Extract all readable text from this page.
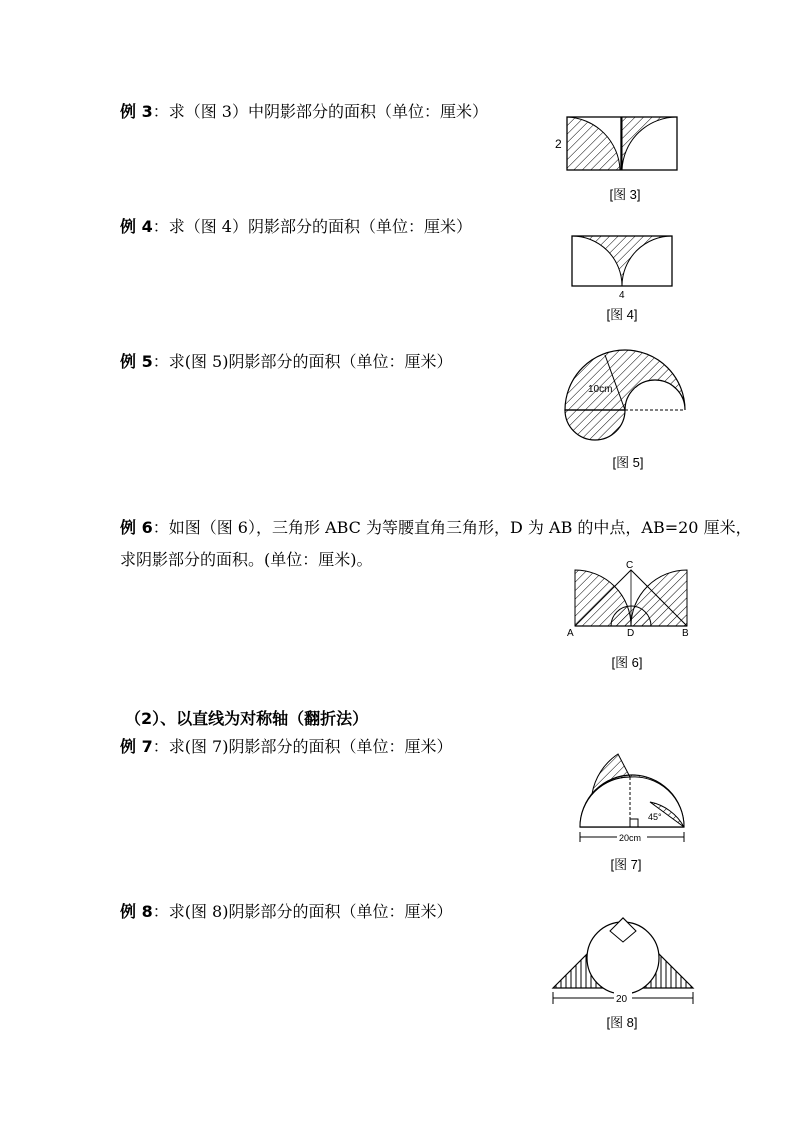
例 3：求（图 3）中阴影部分的面积（单位：厘米）
2
[图 3]
例 4：求（图 4）阴影部分的面积（单位：厘米）
4
[图 4]
例 5：求(图 5)阴影部分的面积（单位：厘米）
10cm
[图 5]
例 6：如图（图 6），三角形 ABC 为等腰直角三角形，D 为 AB 的中点，AB=20 厘米，
求阴影部分的面积。(单位：厘米)。	C
A	D	B
[图 6]
（2）、以直线为对称轴（翻折法）
例 7：求(图 7)阴影部分的面积（单位：厘米）
45°
20cm
[图 7]
例 8：求(图 8)阴影部分的面积（单位：厘米）
20
[图 8]
